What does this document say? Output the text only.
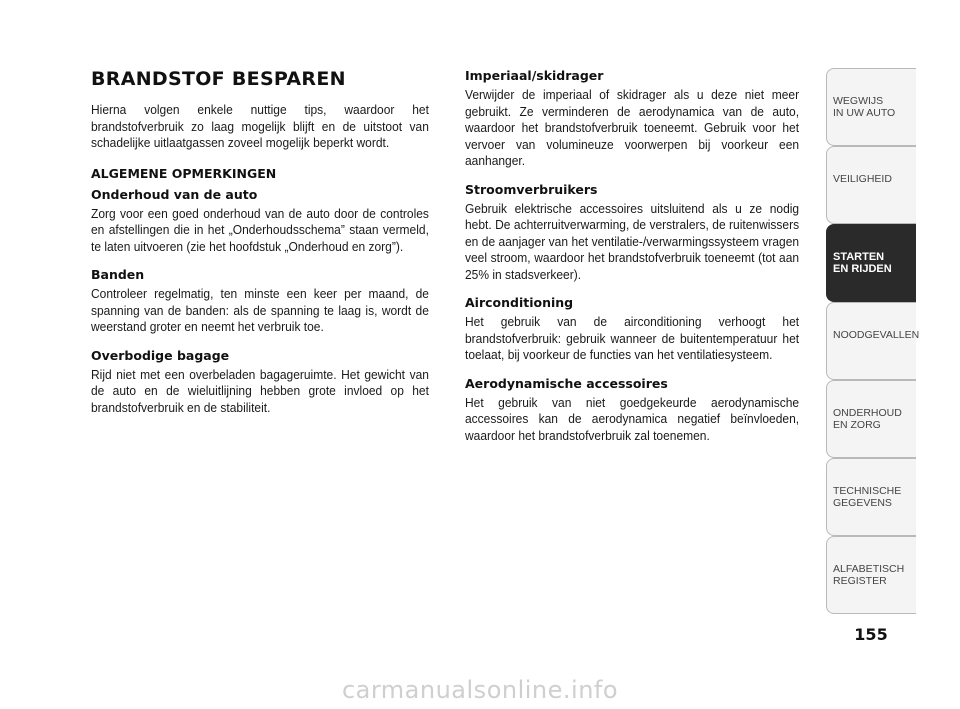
BRANDSTOF BESPAREN

Hierna volgen enkele nuttige tips, waardoor het brandstofverbruik zo laag mogelijk blijft en de uitstoot van schadelijke uitlaatgassen zoveel mogelijk beperkt wordt.

ALGEMENE OPMERKINGEN
Onderhoud van de auto

Zorg voor een goed onderhoud van de auto door de controles en afstellingen die in het „Onderhoudsschema” staan vermeld, te laten uitvoeren (zie het hoofdstuk „Onderhoud en zorg”).

Banden

Controleer regelmatig, ten minste een keer per maand, de spanning van de banden: als de spanning te laag is, wordt de weerstand groter en neemt het verbruik toe.

Overbodige bagage

Rijd niet met een overbeladen bagageruimte. Het gewicht van de auto en de wieluitlijning hebben grote invloed op het brandstofverbruik en de stabiliteit.

Imperiaal/skidrager

Verwijder de imperiaal of skidrager als u deze niet meer gebruikt. Ze verminderen de aerodynamica van de auto, waardoor het brandstofverbruik toeneemt. Gebruik voor het vervoer van volumineuze voorwerpen bij voorkeur een aanhanger.

Stroomverbruikers

Gebruik elektrische accessoires uitsluitend als u ze nodig hebt. De achterruitverwarming, de verstralers, de ruitenwissers en de aanjager van het ventilatie-/verwarmingssysteem vragen veel stroom, waardoor het brandstofverbruik toeneemt (tot aan 25% in stadsverkeer).

Airconditioning

Het gebruik van de airconditioning verhoogt het brandstofverbruik: gebruik wanneer de buitentemperatuur het toelaat, bij voorkeur de functies van het ventilatiesysteem.

Aerodynamische accessoires

Het gebruik van niet goedgekeurde aerodynamische accessoires kan de aerodynamica negatief beïnvloeden, waardoor het brandstofverbruik zal toenemen.

WEGWIJS
IN UW AUTO
VEILIGHEID
STARTEN
EN RIJDEN
NOODGEVALLEN
ONDERHOUD
EN ZORG
TECHNISCHE
GEGEVENS
ALFABETISCH
REGISTER
155
carmanualsonline.info
